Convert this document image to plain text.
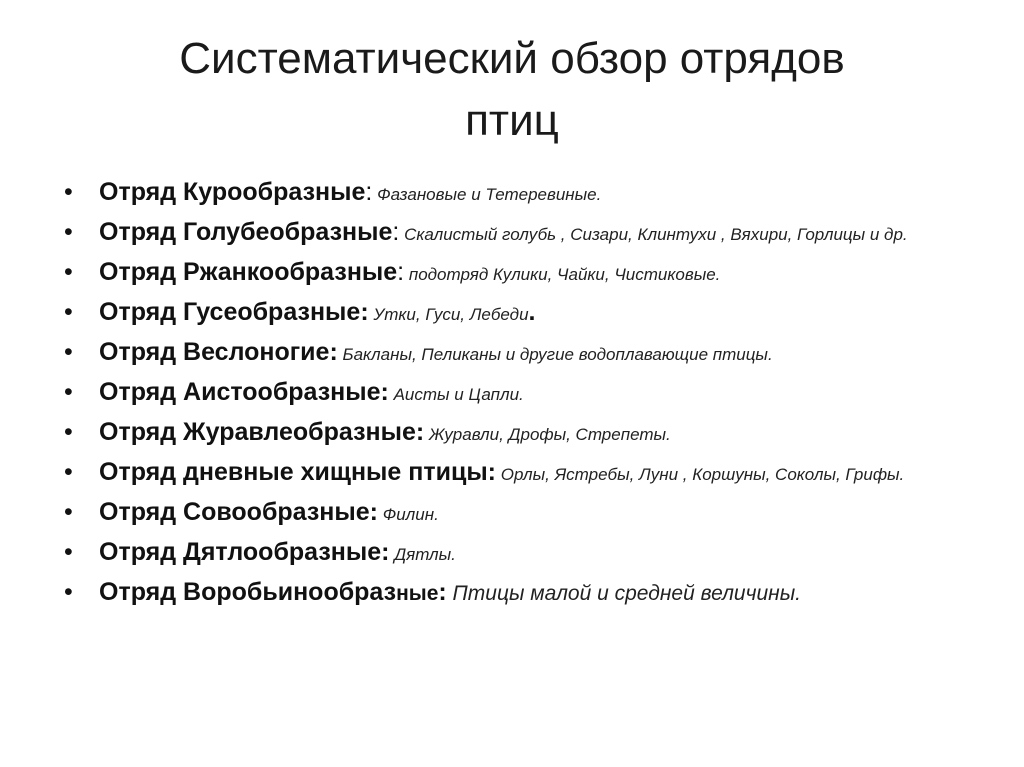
Систематический обзор отрядов
птиц
•	Отряд Курообразные: Фазановые и Тетеревиные.
•	Отряд Голубеобразные: Скалистый голубь , Сизари, Клинтухи , Вяхири, Горлицы и др.
•	Отряд Ржанкообразные: подотряд Кулики, Чайки, Чистиковые.
•	Отряд Гусеобразные: Утки, Гуси, Лебеди.
•	Отряд Веслоногие: Бакланы, Пеликаны и другие водоплавающие птицы.
•	Отряд Аистообразные: Аисты и Цапли.
•	Отряд Журавлеобразные: Журавли, Дрофы, Стрепеты.
•	Отряд дневные хищные птицы: Орлы, Ястребы, Луни , Коршуны, Соколы, Грифы.
•	Отряд Совообразные: Филин.
•	Отряд Дятлообразные: Дятлы.
•	Отряд Воробьинообразные: Птицы малой и средней величины.
